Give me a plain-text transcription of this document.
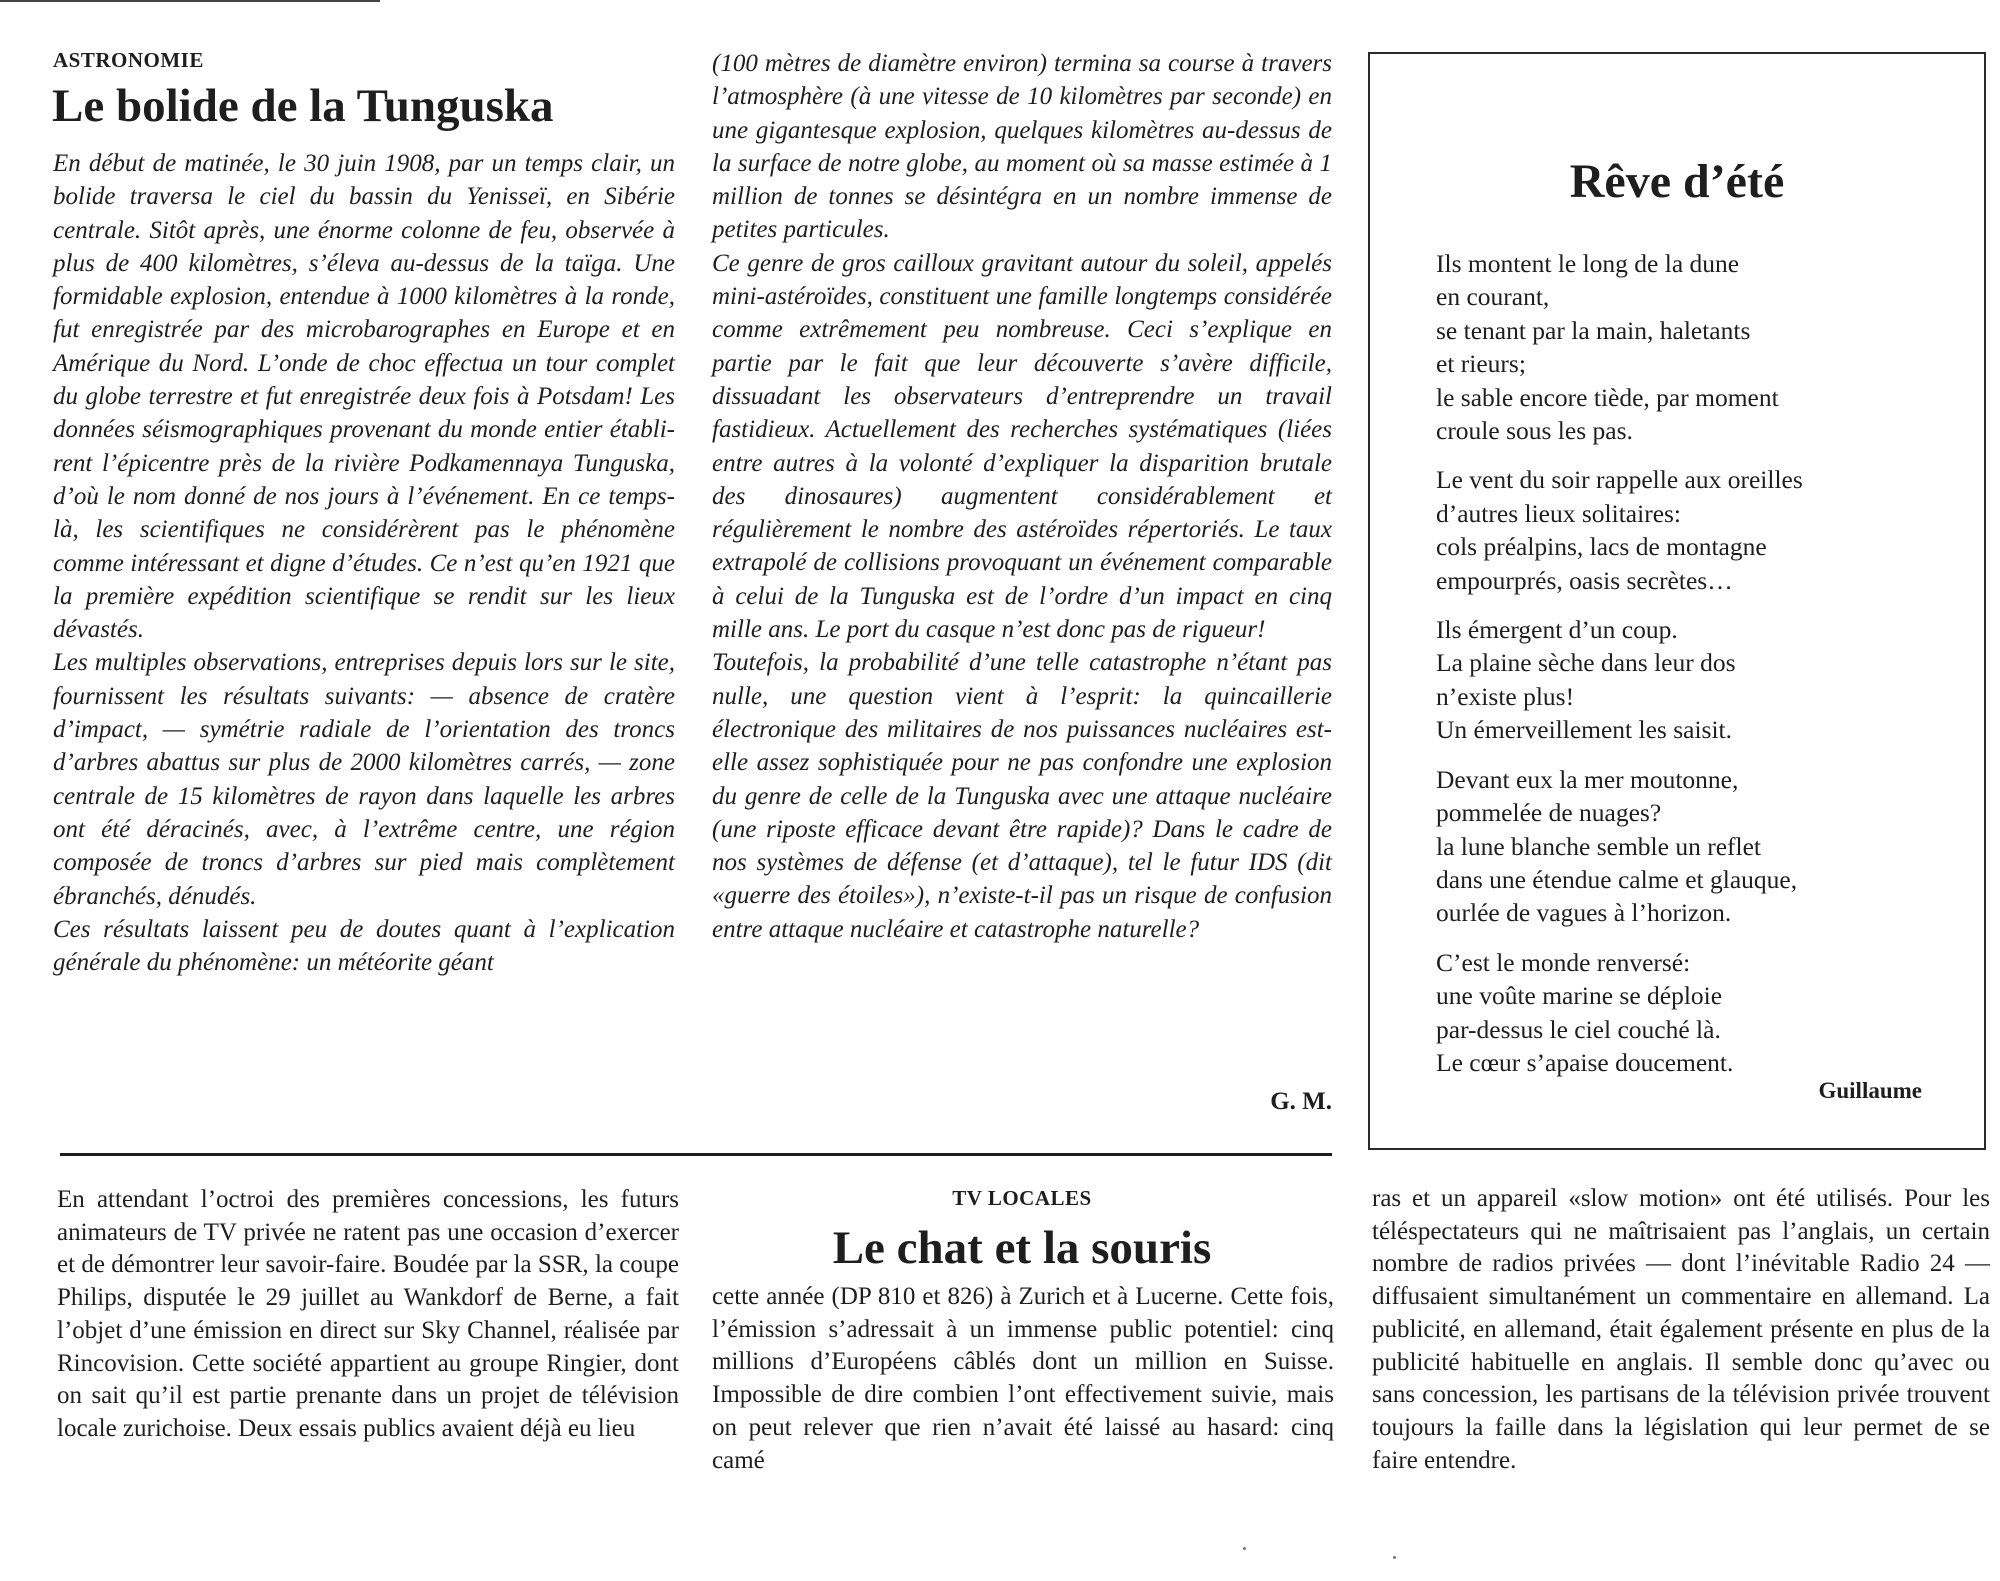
ASTRONOMIE
Le bolide de la Tunguska

En début de matinée, le 30 juin 1908, par un temps clair, un bolide traversa le ciel du bassin du Yenisseï, en Sibérie centrale. Sitôt après, une énorme colonne de feu, observée à plus de 400 kilomètres, s’éleva au-dessus de la taïga. Une formidable explosion, entendue à 1000 kilomètres à la ronde, fut enregistrée par des microbarographes en Europe et en Amérique du Nord. L’onde de choc effectua un tour complet du globe terrestre et fut enregistrée deux fois à Potsdam! Les données séismographiques provenant du monde entier établirent l’épicentre près de la rivière Podkamennaya Tunguska, d’où le nom donné de nos jours à l’événement. En ce temps-là, les scientifiques ne considérèrent pas le phénomène comme intéressant et digne d’études. Ce n’est qu’en 1921 que la première expédition scientifique se rendit sur les lieux dévastés.

Les multiples observations, entreprises depuis lors sur le site, fournissent les résultats suivants: — absence de cratère d’impact, — symétrie radiale de l’orientation des troncs d’arbres abattus sur plus de 2000 kilomètres carrés, — zone centrale de 15 kilomètres de rayon dans laquelle les arbres ont été déracinés, avec, à l’extrême centre, une région composée de troncs d’arbres sur pied mais complètement ébranchés, dénudés.

Ces résultats laissent peu de doutes quant à l’explication générale du phénomène: un météorite géant

(100 mètres de diamètre environ) termina sa course à travers l’atmosphère (à une vitesse de 10 kilomètres par seconde) en une gigantesque explosion, quelques kilomètres au-dessus de la surface de notre globe, au moment où sa masse estimée à 1 million de tonnes se désintégra en un nombre immense de petites particules.

Ce genre de gros cailloux gravitant autour du soleil, appelés mini-astéroïdes, constituent une famille longtemps considérée comme extrêmement peu nombreuse. Ceci s’explique en partie par le fait que leur découverte s’avère difficile, dissuadant les observateurs d’entreprendre un travail fastidieux. Actuellement des recherches systématiques (liées entre autres à la volonté d’expliquer la disparition brutale des dinosaures) augmentent considérablement et régulièrement le nombre des astéroïdes répertoriés. Le taux extrapolé de collisions provoquant un événement comparable à celui de la Tunguska est de l’ordre d’un impact en cinq mille ans. Le port du casque n’est donc pas de rigueur!

Toutefois, la probabilité d’une telle catastrophe n’étant pas nulle, une question vient à l’esprit: la quincaillerie électronique des militaires de nos puissances nucléaires est-elle assez sophistiquée pour ne pas confondre une explosion du genre de celle de la Tunguska avec une attaque nucléaire (une riposte efficace devant être rapide)? Dans le cadre de nos systèmes de défense (et d’attaque), tel le futur IDS (dit «guerre des étoiles»), n’existe-t-il pas un risque de confusion entre attaque nucléaire et catastrophe naturelle?

G. M.
Rêve d’été
Ils montent le long de la dune
en courant,
se tenant par la main, haletants
et rieurs;
le sable encore tiède, par moment
croule sous les pas.
Le vent du soir rappelle aux oreilles
d’autres lieux solitaires:
cols préalpins, lacs de montagne
empourprés, oasis secrètes…
Ils émergent d’un coup.
La plaine sèche dans leur dos
n’existe plus!
Un émerveillement les saisit.
Devant eux la mer moutonne,
pommelée de nuages?
la lune blanche semble un reflet
dans une étendue calme et glauque,
ourlée de vagues à l’horizon.
C’est le monde renversé:
une voûte marine se déploie
par-dessus le ciel couché là.
Le cœur s’apaise doucement.
Guillaume
En attendant l’octroi des premières concessions, les futurs animateurs de TV privée ne ratent pas une occasion d’exercer et de démontrer leur savoir-faire. Boudée par la SSR, la coupe Philips, disputée le 29 juillet au Wankdorf de Berne, a fait l’objet d’une émission en direct sur Sky Channel, réalisée par Rincovision. Cette société appartient au groupe Ringier, dont on sait qu’il est partie prenante dans un projet de télévision locale zurichoise. Deux essais publics avaient déjà eu lieu
TV LOCALES
Le chat et la souris
cette année (DP 810 et 826) à Zurich et à Lucerne. Cette fois, l’émission s’adressait à un immense public potentiel: cinq millions d’Européens câblés dont un million en Suisse. Impossible de dire combien l’ont effectivement suivie, mais on peut relever que rien n’avait été laissé au hasard: cinq camé
ras et un appareil «slow motion» ont été utilisés. Pour les téléspectateurs qui ne maîtrisaient pas l’anglais, un certain nombre de radios privées — dont l’inévitable Radio 24 — diffusaient simultanément un commentaire en allemand. La publicité, en allemand, était également présente en plus de la publicité habituelle en anglais. Il semble donc qu’avec ou sans concession, les partisans de la télévision privée trouvent toujours la faille dans la législation qui leur permet de se faire entendre.
